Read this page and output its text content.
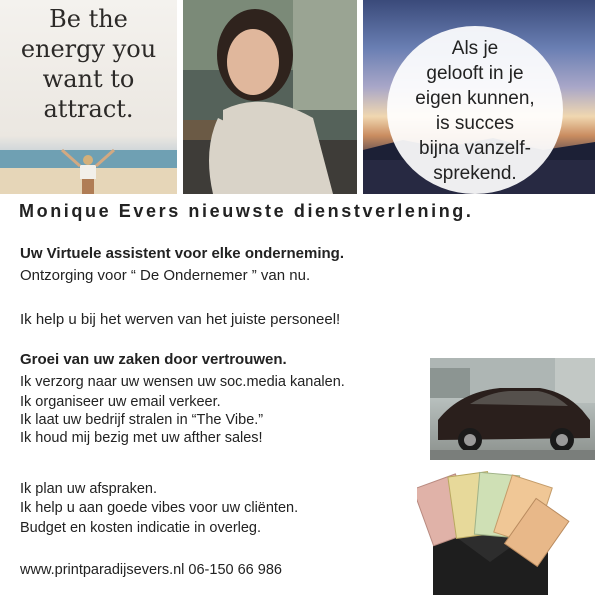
Be the
energy you
want to
attract.
Als je
gelooft in je
eigen kunnen,
is succes
bijna vanzelf-
sprekend.
Monique Evers nieuwste dienstverlening.
Uw Virtuele assistent voor elke onderneming.
Ontzorging voor “ De Ondernemer ” van nu.
Ik help u bij het werven van het juiste personeel!
Groei van uw zaken door vertrouwen.
Ik verzorg naar uw wensen uw soc.media kanalen.
Ik organiseer uw email verkeer.
Ik laat uw bedrijf stralen in “The Vibe.”
Ik houd mij bezig met uw afther sales!
Ik plan uw afspraken.
Ik help u aan goede vibes voor uw cliënten.
Budget en kosten indicatie in overleg.
www.printparadijsevers.nl 06-150 66 986
